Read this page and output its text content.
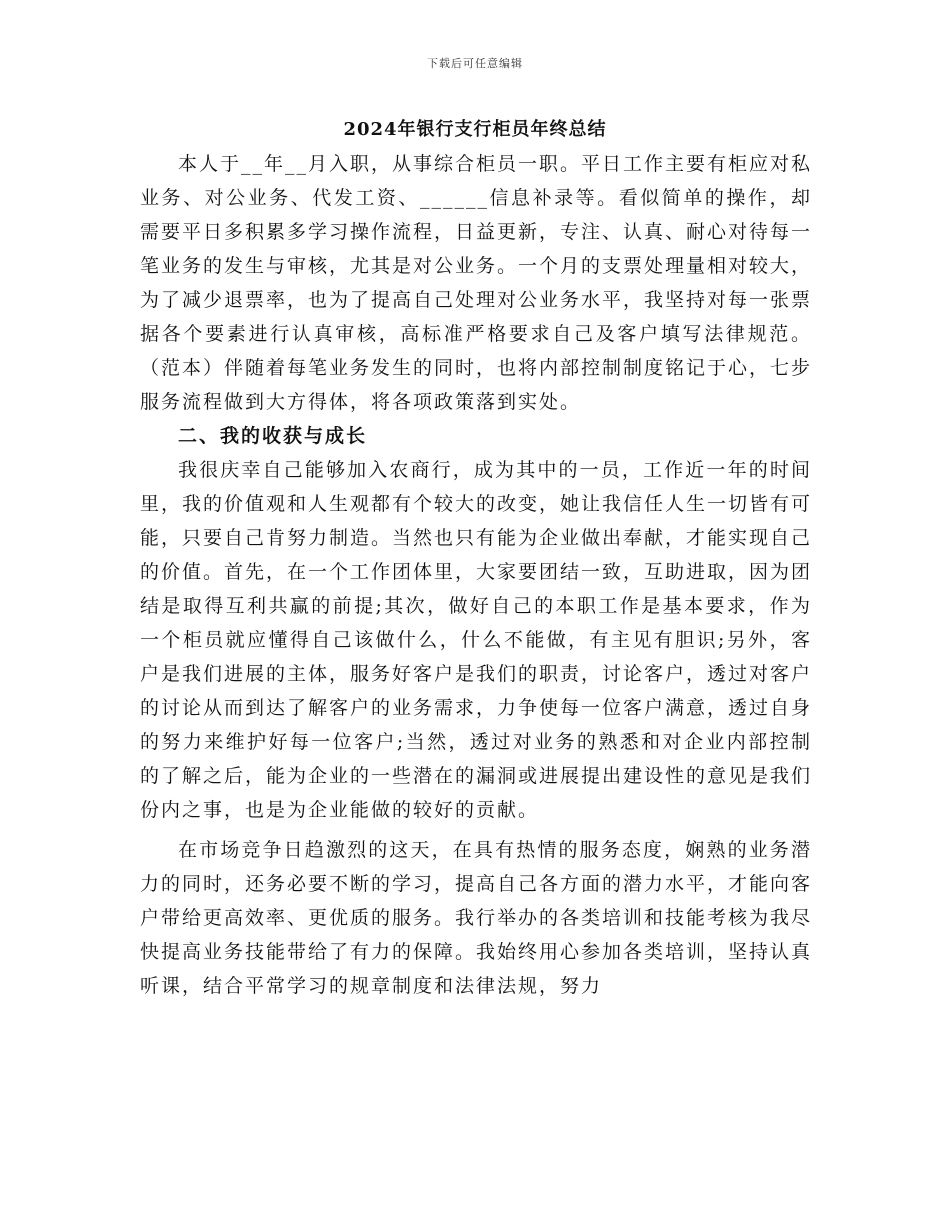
下载后可任意编辑
2024年银行支行柜员年终总结

本人于__年__月入职，从事综合柜员一职。平日工作主要有柜应对私业务、对公业务、代发工资、______信息补录等。看似简单的操作，却需要平日多积累多学习操作流程，日益更新，专注、认真、耐心对待每一笔业务的发生与审核，尤其是对公业务。一个月的支票处理量相对较大，为了减少退票率，也为了提高自己处理对公业务水平，我坚持对每一张票据各个要素进行认真审核，高标准严格要求自己及客户填写法律规范。（范本）伴随着每笔业务发生的同时，也将内部控制制度铭记于心，七步服务流程做到大方得体，将各项政策落到实处。

二、我的收获与成长

我很庆幸自己能够加入农商行，成为其中的一员，工作近一年的时间里，我的价值观和人生观都有个较大的改变，她让我信任人生一切皆有可能，只要自己肯努力制造。当然也只有能为企业做出奉献，才能实现自己的价值。首先，在一个工作团体里，大家要团结一致，互助进取，因为团结是取得互利共赢的前提;其次，做好自己的本职工作是基本要求，作为一个柜员就应懂得自己该做什么，什么不能做，有主见有胆识;另外，客户是我们进展的主体，服务好客户是我们的职责，讨论客户，透过对客户的讨论从而到达了解客户的业务需求，力争使每一位客户满意，透过自身的努力来维护好每一位客户;当然，透过对业务的熟悉和对企业内部控制的了解之后，能为企业的一些潜在的漏洞或进展提出建设性的意见是我们份内之事，也是为企业能做的较好的贡献。

在市场竞争日趋激烈的这天，在具有热情的服务态度，娴熟的业务潜力的同时，还务必要不断的学习，提高自己各方面的潜力水平，才能向客户带给更高效率、更优质的服务。我行举办的各类培训和技能考核为我尽快提高业务技能带给了有力的保障。我始终用心参加各类培训，坚持认真听课，结合平常学习的规章制度和法律法规，努力
